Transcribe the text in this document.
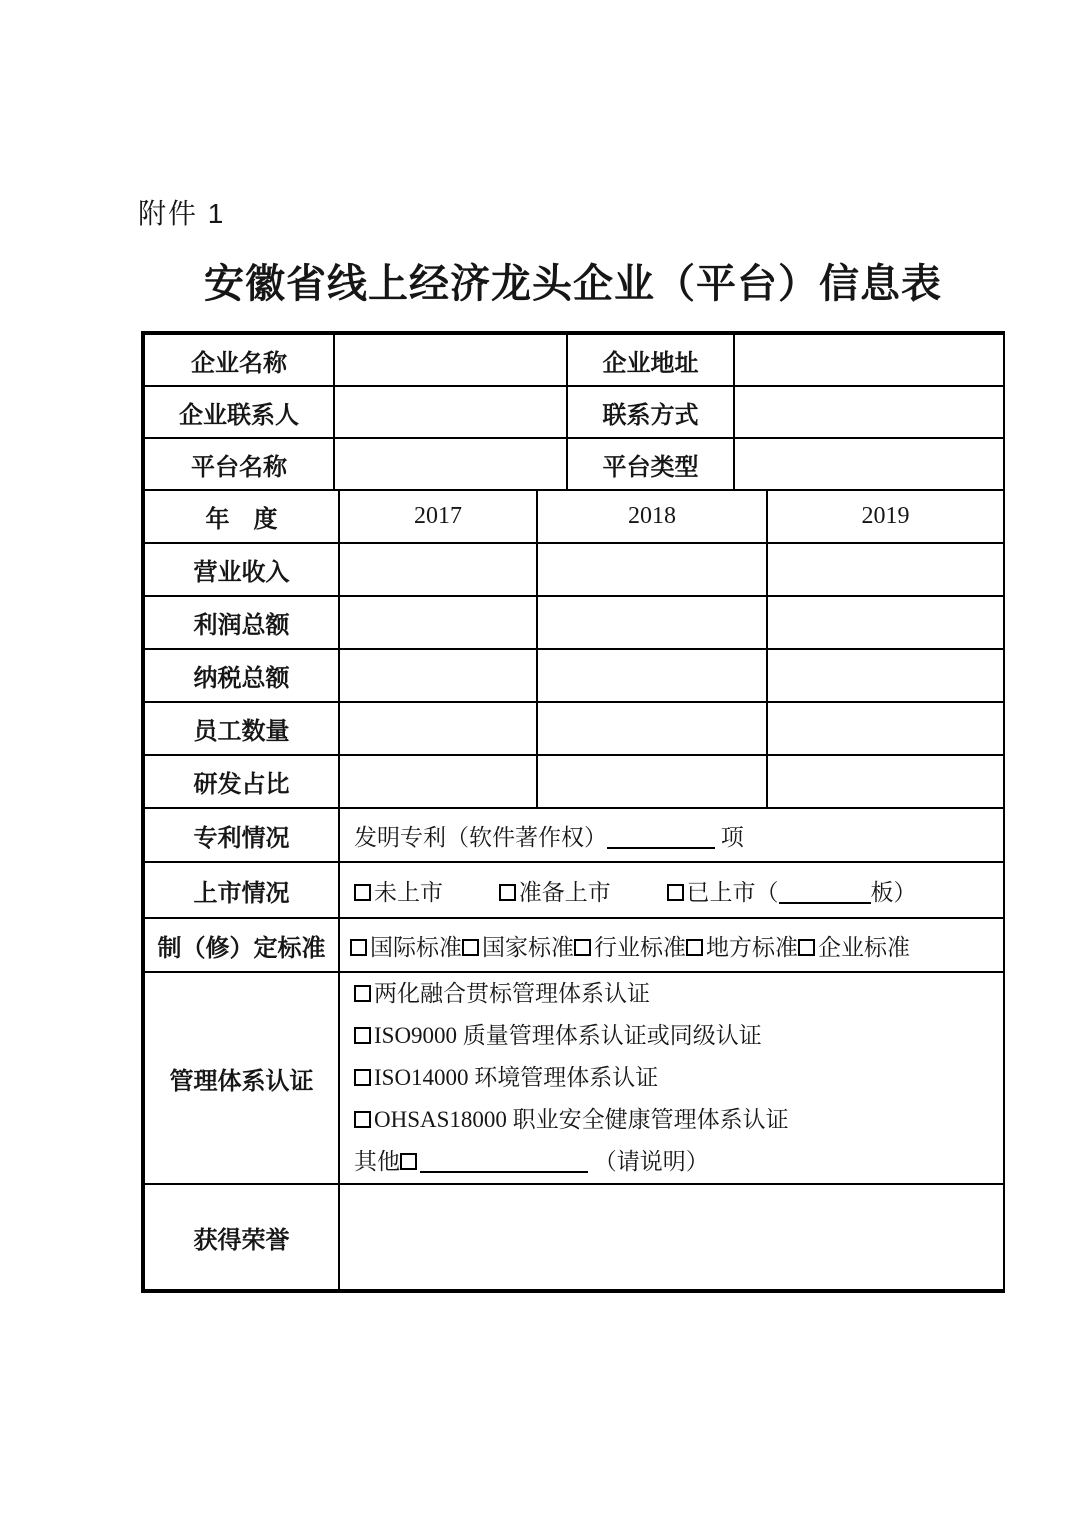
附件 1
安徽省线上经济龙头企业（平台）信息表
企业名称		企业地址	
企业联系人		联系方式	
平台名称		平台类型	
年　度	2017	2018	2019
营业收入			
利润总额			
纳税总额			
员工数量			
研发占比			
专利情况	发明专利（软件著作权） 项
上市情况	未上市 准备上市 已上市（ 板）
制（修）定标准	国际标准 国家标准 行业标准 地方标准 企业标准
管理体系认证	两化融合贯标管理体系认证
ISO9000 质量管理体系认证或同级认证
ISO14000 环境管理体系认证
OHSAS18000 职业安全健康管理体系认证
其他 （请说明）

获得荣誉	
